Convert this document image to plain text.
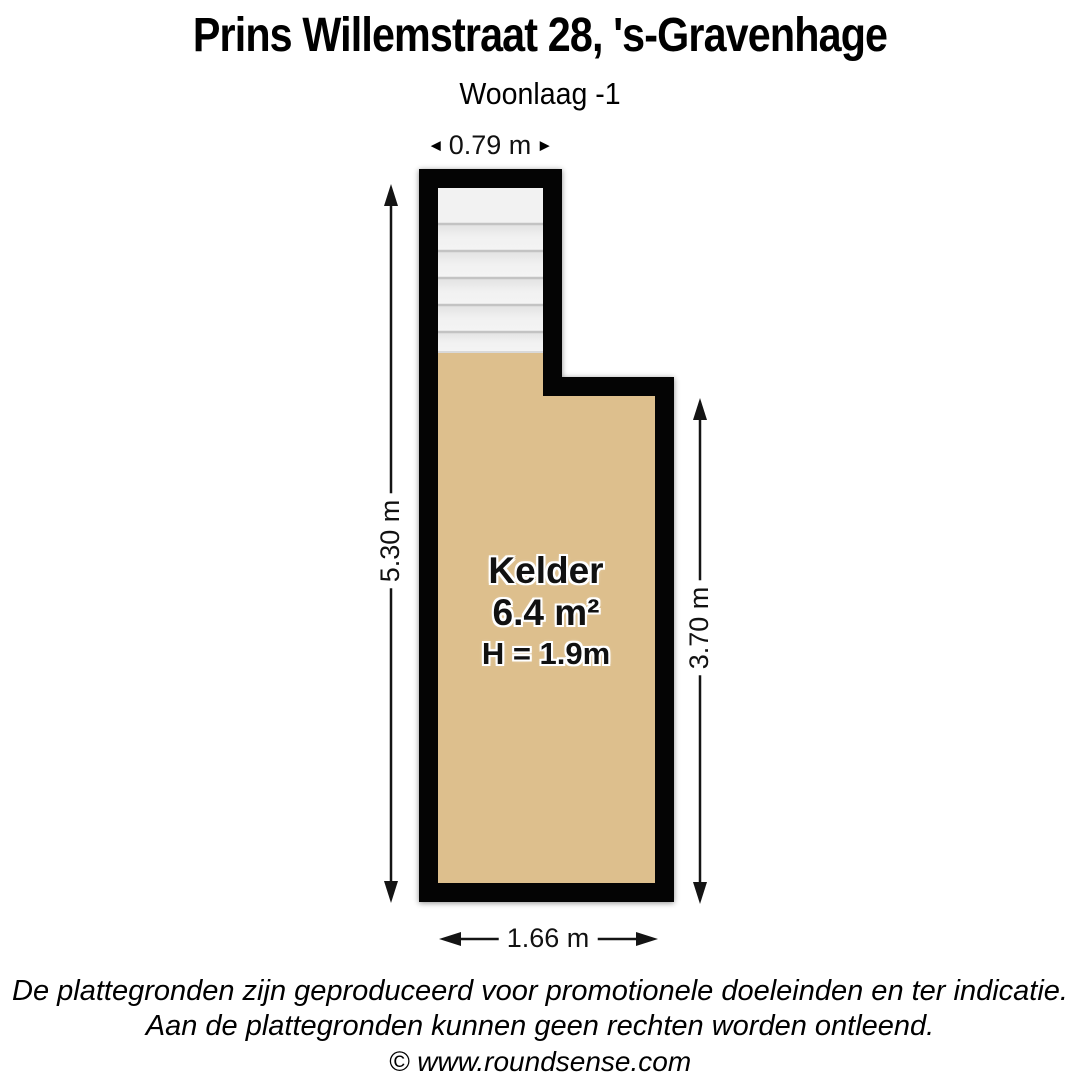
Prins Willemstraat 28, 's-Gravenhage
Woonlaag -1
0.79 m
5.30 m
3.70 m
1.66 m
Kelder
6.4 m²
H = 1.9m
De plattegronden zijn geproduceerd voor promotionele doeleinden en ter indicatie.
Aan de plattegronden kunnen geen rechten worden ontleend.
© www.roundsense.com
